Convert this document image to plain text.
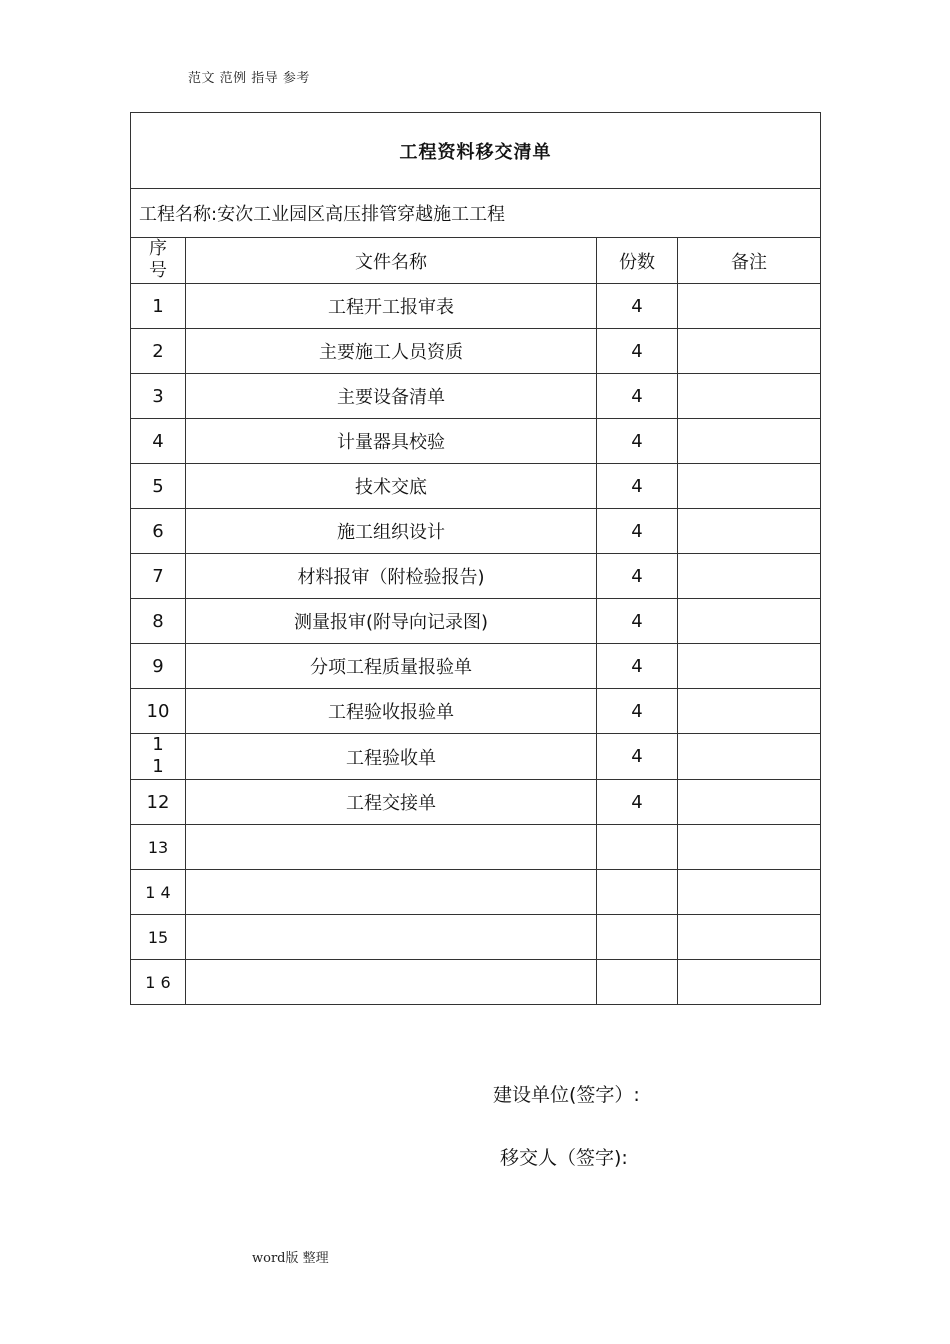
范文 范例 指导 参考
工程资料移交清单			
工程名称:安次工业园区高压排管穿越施工工程			
序号	文件名称	份数	备注
1	工程开工报审表	4	
2	主要施工人员资质	4	
3	主要设备清单	4	
4	计量器具校验	4	
5	技术交底	4	
6	施工组织设计	4	
7	材料报审（附检验报告)	4	
8	测量报审(附导向记录图)	4	
9	分项工程质量报验单	4	
10	工程验收报验单	4	
1 1	工程验收单	4	
12	工程交接单	4	
13			
1 4			
15			
1 6			
建设单位(签字）:
移交人（签字):
word版 整理
